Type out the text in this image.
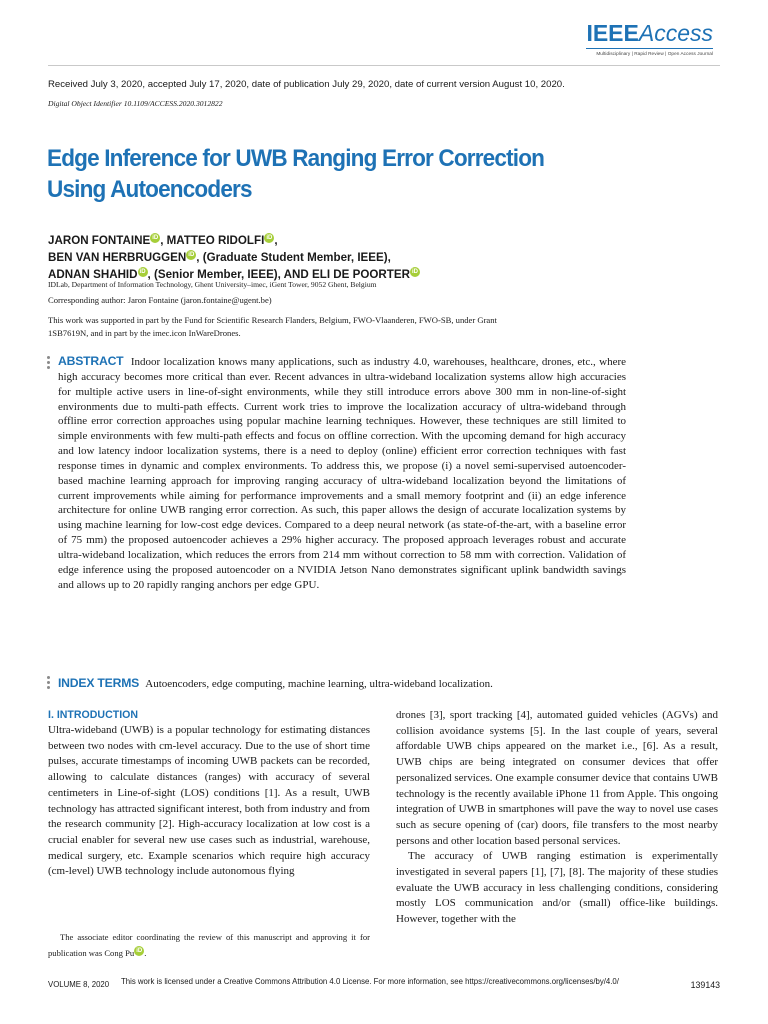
IEEEAccess
Multidisciplinary | Rapid Review | Open Access Journal
Received July 3, 2020, accepted July 17, 2020, date of publication July 29, 2020, date of current version August 10, 2020.
Digital Object Identifier 10.1109/ACCESS.2020.3012822
Edge Inference for UWB Ranging Error Correction Using Autoencoders
JARON FONTAINE iD , MATTEO RIDOLFI iD ,
BEN VAN HERBRUGGEN iD , (Graduate Student Member, IEEE),
ADNAN SHAHID iD , (Senior Member, IEEE), AND ELI DE POORTER iD
IDLab, Department of Information Technology, Ghent University–imec, iGent Tower, 9052 Ghent, Belgium
Corresponding author: Jaron Fontaine (jaron.fontaine@ugent.be)
This work was supported in part by the Fund for Scientific Research Flanders, Belgium, FWO-Vlaanderen, FWO-SB, under Grant 1SB7619N, and in part by the imec.icon InWareDrones.
ABSTRACT Indoor localization knows many applications, such as industry 4.0, warehouses, healthcare, drones, etc., where high accuracy becomes more critical than ever. Recent advances in ultra-wideband localization systems allow high accuracies for multiple active users in line-of-sight environments, while they still introduce errors above 300 mm in non-line-of-sight environments due to multi-path effects. Current work tries to improve the localization accuracy of ultra-wideband through offline error correction approaches using popular machine learning techniques. However, these techniques are still limited to simple environments with few multi-path effects and focus on offline correction. With the upcoming demand for high accuracy and low latency indoor localization systems, there is a need to deploy (online) efficient error correction techniques with fast response times in dynamic and complex environments. To address this, we propose (i) a novel semi-supervised autoencoder-based machine learning approach for improving ranging accuracy of ultra-wideband localization beyond the limitations of current improvements while aiming for performance improvements and a small memory footprint and (ii) an edge inference architecture for online UWB ranging error correction. As such, this paper allows the design of accurate localization systems by using machine learning for low-cost edge devices. Compared to a deep neural network (as state-of-the-art, with a baseline error of 75 mm) the proposed autoencoder achieves a 29% higher accuracy. The proposed approach leverages robust and accurate ultra-wideband localization, which reduces the errors from 214 mm without correction to 58 mm with correction. Validation of edge inference using the proposed autoencoder on a NVIDIA Jetson Nano demonstrates significant uplink bandwidth savings and allows up to 20 rapidly ranging anchors per edge GPU.
INDEX TERMS Autoencoders, edge computing, machine learning, ultra-wideband localization.
I. INTRODUCTION

Ultra-wideband (UWB) is a popular technology for estimating distances between two nodes with cm-level accuracy. Due to the use of short time pulses, accurate timestamps of incoming UWB packets can be recorded, allowing to calculate distances (ranges) with accuracy of several centimeters in Line-of-sight (LOS) conditions [1]. As a result, UWB technology has attracted significant interest, both from industry and from the research community [2]. High-accuracy localization at low cost is a crucial enabler for several new use cases such as industrial, warehouse, medical surgery, etc. Example scenarios which require high accuracy (cm-level) UWB technology include autonomous flying

The associate editor coordinating the review of this manuscript and approving it for publication was Cong Pu iD .

drones [3], sport tracking [4], automated guided vehicles (AGVs) and collision avoidance systems [5]. In the last couple of years, several affordable UWB chips appeared on the market i.e., [6]. As a result, UWB chips are being integrated on consumer devices that offer personalized services. One example consumer device that contains UWB technology is the recently available iPhone 11 from Apple. This ongoing integration of UWB in smartphones will pave the way to novel use cases such as secure opening of (car) doors, file transfers to the most nearby persons and other location based personal services.

The accuracy of UWB ranging estimation is experimentally investigated in several papers [1], [7], [8]. The majority of these studies evaluate the UWB accuracy in less challenging conditions, considering mostly LOS communication and/or (small) office-like buildings. However, together with the

VOLUME 8, 2020 This work is licensed under a Creative Commons Attribution 4.0 License. For more information, see https://creativecommons.org/licenses/by/4.0/	139143
